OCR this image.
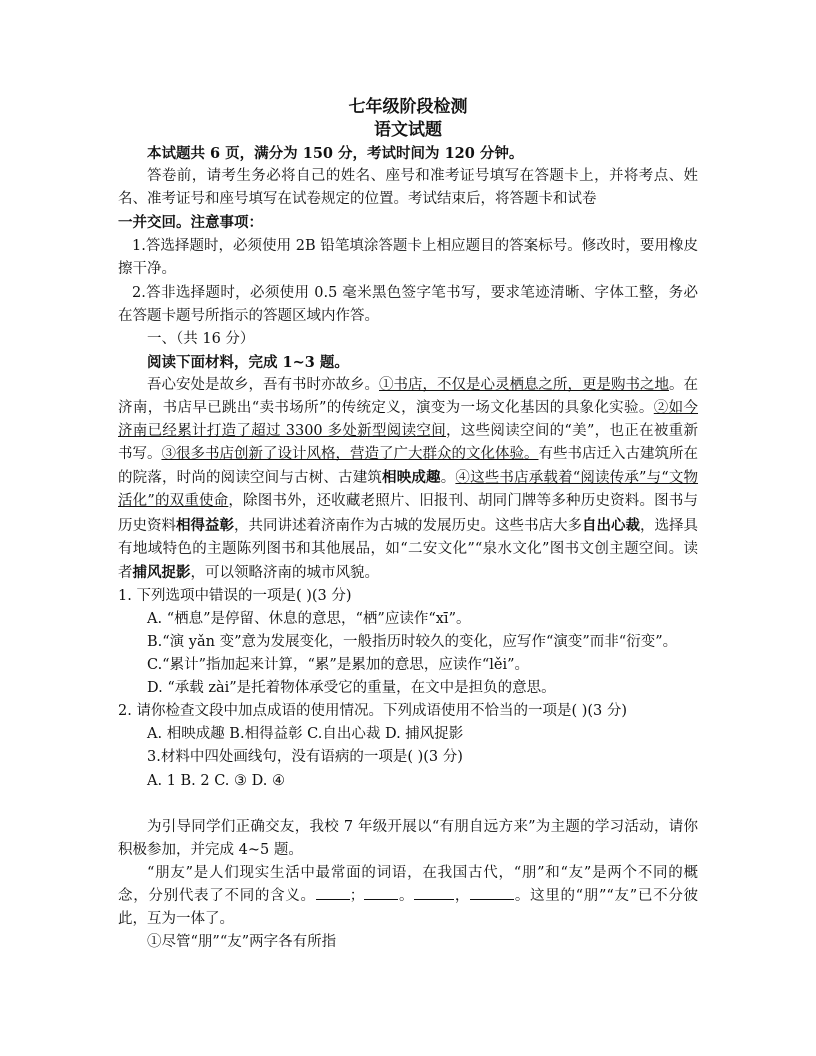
七年级阶段检测
语文试题

本试题共 6 页，满分为 150 分，考试时间为 120 分钟。

答卷前，请考生务必将自己的姓名、座号和准考证号填写在答题卡上，并将考点、姓名、准考证号和座号填写在试卷规定的位置。考试结束后，将答题卡和试卷
一并交回。注意事项：

1.答选择题时，必须使用 2B 铅笔填涂答题卡上相应题目的答案标号。修改时，要用橡皮擦干净。

2.答非选择题时，必须使用 0.5 毫米黑色签字笔书写，要求笔迹清晰、字体工整，务必在答题卡题号所指示的答题区域内作答。

一、（共 16 分）

阅读下面材料，完成 1~3 题。

吾心安处是故乡，吾有书时亦故乡。①书店，不仅是心灵栖息之所，更是购书之地。在济南，书店早已跳出“卖书场所”的传统定义，演变为一场文化基因的具象化实验。②如今济南已经累计打造了超过 3300 多处新型阅读空间，这些阅读空间的“美”，也正在被重新书写。③很多书店创新了设计风格，营造了广大群众的文化体验。有些书店迁入古建筑所在的院落，时尚的阅读空间与古树、古建筑相映成趣。④这些书店承载着“阅读传承”与“文物活化”的双重使命，除图书外，还收藏老照片、旧报刊、胡同门牌等多种历史资料。图书与历史资料相得益彰，共同讲述着济南作为古城的发展历史。这些书店大多自出心裁，选择具有地域特色的主题陈列图书和其他展品，如“二安文化”“泉水文化”图书文创主题空间。读者捕风捉影，可以领略济南的城市风貌。

1. 下列选项中错误的一项是( )(3 分)

A. “栖息”是停留、休息的意思，“栖”应读作“xī”。

B.“演 yǎn 变”意为发展变化，一般指历时较久的变化，应写作“演变”而非“衍变”。

C.“累计”指加起来计算，“累”是累加的意思，应读作“lěi”。

D. “承载 zài”是托着物体承受它的重量，在文中是担负的意思。

2. 请你检查文段中加点成语的使用情况。下列成语使用不恰当的一项是( )(3 分)

A. 相映成趣 B.相得益彰 C.自出心裁 D. 捕风捉影

3.材料中四处画线句，没有语病的一项是( )(3 分)

A. 1 B. 2 C. ③ D. ④

为引导同学们正确交友，我校 7 年级开展以“有朋自远方来”为主题的学习活动，请你积极参加，并完成 4~5 题。

“朋友”是人们现实生活中最常面的词语，在我国古代，“朋”和“友”是两个不同的概念，分别代表了不同的含义。 ； 。	，	。这里的“朋”“友”已不分彼此，互为一体了。

①尽管“朋”“友”两字各有所指
